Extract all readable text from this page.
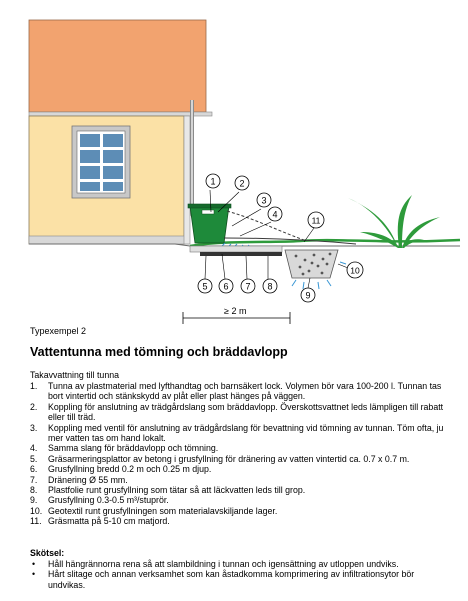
≥ 2 m
1	2
3
4
5 6 7 8
9
10
11
Typexempel 2
Vattentunna med tömning och bräddavlopp
Takavvattning till tunna
1. Tunna av plastmaterial med lyfthandtag och barnsäkert lock. Volymen bör vara 100-200 l. Tunnan tas bort vintertid och stänkskydd av plåt eller plast hänges på väggen.
2. Koppling för anslutning av trädgårdslang som bräddavlopp. Överskottsvattnet leds lämpligen till rabatt eller till träd.
3. Koppling med ventil för anslutning av trädgårdslang för bevattning vid tömning av tunnan. Töm ofta, ju mer vatten tas om hand lokalt.
4. Samma slang för bräddavlopp och tömning.
5. Gräsarmeringsplattor av betong i grusfyllning för dränering av vatten vintertid ca. 0.7 x 0.7 m.
6. Grusfyllning bredd 0.2 m och 0.25 m djup.
7. Dränering Ø 55 mm.
8. Plastfolie runt grusfyllning som tätar så att läckvatten leds till grop.
9. Grusfyllning 0.3-0.5 m³/stuprör.
10. Geotextil runt grusfyllningen som materialavskiljande lager.
11. Gräsmatta på 5-10 cm matjord.
Skötsel:
• Håll hängrännorna rena så att slambildning i tunnan och igensättning av utloppen undviks.
• Hårt slitage och annan verksamhet som kan åstadkomma komprimering av infiltrationsytor bör undvikas.
